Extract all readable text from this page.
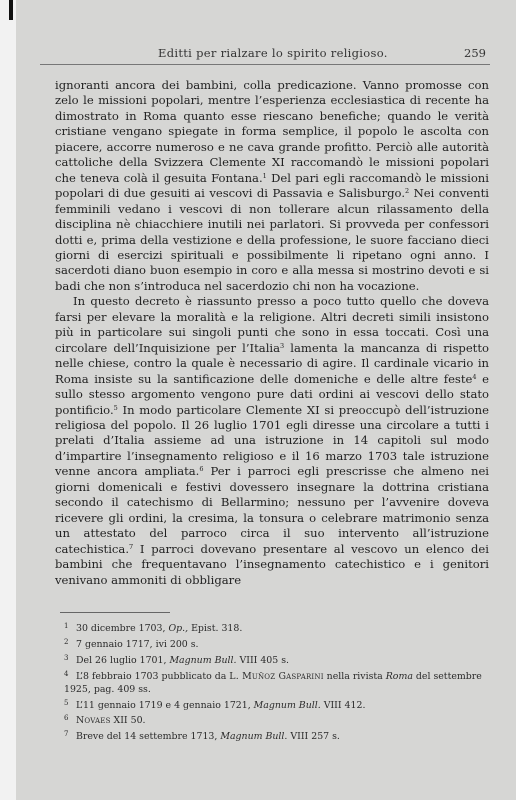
Editti per rialzare lo spirito religioso.	259

ignoranti ancora dei bambini, colla predicazione. Vanno promosse con zelo le missioni popolari, mentre l’esperienza ecclesiastica di recente ha dimostrato in Roma quanto esse riescano benefiche; quando le verità cristiane vengano spiegate in forma semplice, il popolo le ascolta con piacere, accorre numeroso e ne cava grande profitto. Perciò alle autorità cattoliche della Svizzera Clemente XI raccomandò le missioni popolari che teneva colà il gesuita Fontana.$^1$ Del pari egli raccomandò le missioni popolari di due gesuiti ai vescovi di Passavia e Salisburgo.$^2$ Nei conventi femminili vedano i vescovi di non tollerare alcun rilassamento della disciplina nè chiacchiere inutili nei parlatori. Si provveda per confessori dotti e, prima della vestizione e della professione, le suore facciano dieci giorni di esercizi spirituali e possibilmente li ripetano ogni anno. I sacerdoti diano buon esempio in coro e alla messa si mostrino devoti e si badi che non s’introduca nel sacerdozio chi non ha vocazione.

In questo decreto è riassunto presso a poco tutto quello che doveva farsi per elevare la moralità e la religione. Altri decreti simili insistono più in particolare sui singoli punti che sono in essa toccati. Così una circolare dell’Inquisizione per l’Italia$^3$ lamenta la mancanza di rispetto nelle chiese, contro la quale è necessario di agire. Il cardinale vicario in Roma insiste su la santificazione delle domeniche e delle altre feste$^4$ e sullo stesso argomento vengono pure dati ordini ai vescovi dello stato pontificio.$^5$ In modo particolare Clemente XI si preoccupò dell’istruzione religiosa del popolo. Il 26 luglio 1701 egli diresse una circolare a tutti i prelati d’Italia assieme ad una istruzione in 14 capitoli sul modo d’impartire l’insegnamento religioso e il 16 marzo 1703 tale istruzione venne ancora ampliata.$^6$ Per i parroci egli prescrisse che almeno nei giorni domenicali e festivi dovessero insegnare la dottrina cristiana secondo il catechismo di Bellarmino; nessuno per l’avvenire doveva ricevere gli ordini, la cresima, la tonsura o celebrare matrimonio senza un attestato del parroco circa il suo intervento all’istruzione catechistica.$^7$ I parroci dovevano presentare al vescovo un elenco dei bambini che frequentavano l’insegnamento catechistico e i genitori venivano ammoniti di obbligare

1 30 dicembre 1703, Op., Epist. 318.
2 7 gennaio 1717, ivi 200 s.
3 Del 26 luglio 1701, Magnum Bull. VIII 405 s.
4 L’8 febbraio 1703 pubblicato da L. Muñoz Gasparini nella rivista Roma del settembre 1925, pag. 409 ss.
5 L’11 gennaio 1719 e 4 gennaio 1721, Magnum Bull. VIII 412.
6 Novaes XII 50.
7 Breve del 14 settembre 1713, Magnum Bull. VIII 257 s.
